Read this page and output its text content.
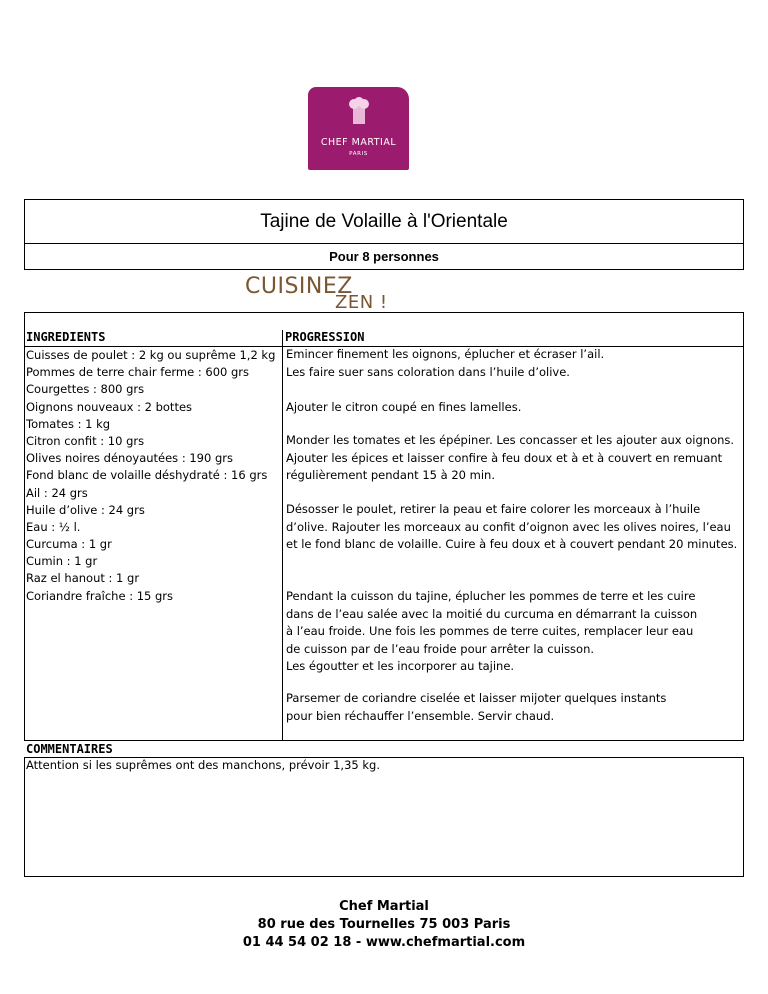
CHEF MARTIAL
PARIS
Tajine de Volaille à l'Orientale
Pour 8 personnes
CUISINEZ
ZEN !
INGREDIENTS	PROGRESSION
Cuisses de poulet : 2 kg ou suprême 1,2 kg
Pommes de terre chair ferme : 600 grs
Courgettes : 800 grs
Oignons nouveaux : 2 bottes
Tomates : 1 kg
Citron confit : 10 grs
Olives noires dénoyautées : 190 grs
Fond blanc de volaille déshydraté : 16 grs
Ail : 24 grs
Huile d’olive : 24 grs
Eau : ½ l.
Curcuma : 1 gr
Cumin : 1 gr
Raz el hanout : 1 gr
Coriandre fraîche : 15 grs
Emincer finement les oignons, éplucher et écraser l’ail.
Les faire suer sans coloration dans l’huile d’olive.
Ajouter le citron coupé en fines lamelles.
Monder les tomates et les épépiner. Les concasser et les ajouter aux oignons.
Ajouter les épices et laisser confire à feu doux et à et à couvert en remuant
régulièrement pendant 15 à 20 min.
Désosser le poulet, retirer la peau et faire colorer les morceaux à l’huile
d’olive. Rajouter les morceaux au confit d’oignon avec les olives noires, l’eau
et le fond blanc de volaille. Cuire à feu doux et à couvert pendant 20 minutes.
Pendant la cuisson du tajine, éplucher les pommes de terre et les cuire
dans de l’eau salée avec la moitié du curcuma en démarrant la cuisson
à l’eau froide. Une fois les pommes de terre cuites, remplacer leur eau
de cuisson par de l’eau froide pour arrêter la cuisson.
Les égoutter et les incorporer au tajine.
Parsemer de coriandre ciselée et laisser mijoter quelques instants
pour bien réchauffer l’ensemble. Servir chaud.
COMMENTAIRES
Attention si les suprêmes ont des manchons, prévoir 1,35 kg.
Chef Martial
80 rue des Tournelles 75 003 Paris
01 44 54 02 18 - www.chefmartial.com
